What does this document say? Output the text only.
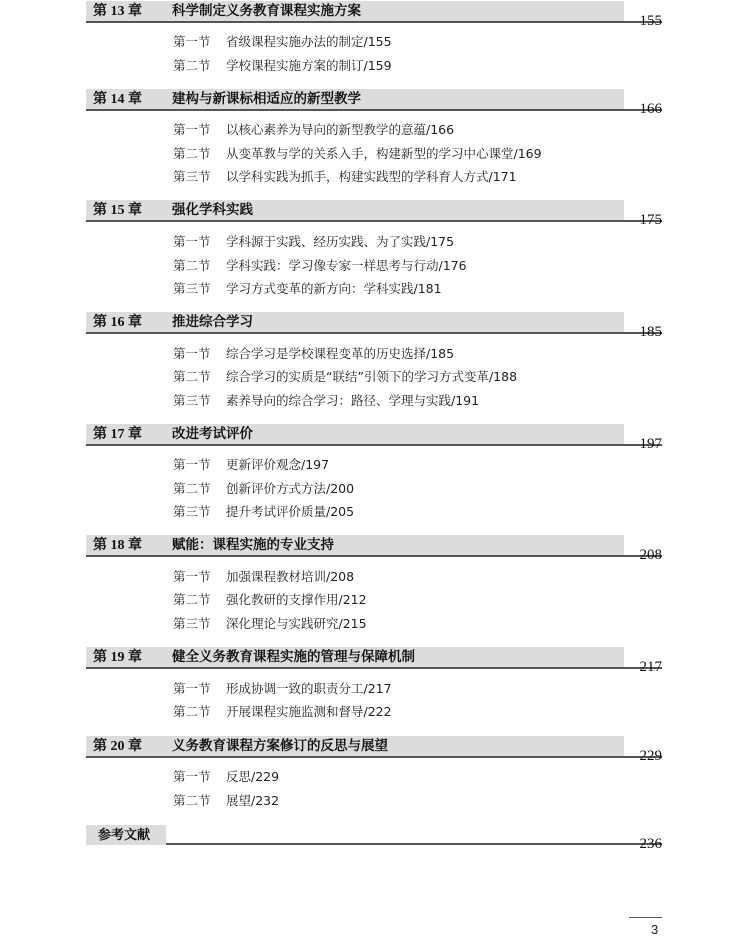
第 13 章 科学制定义务教育课程实施方案
155
第一节 省级课程实施办法的制定/155
第二节 学校课程实施方案的制订/159
第 14 章 建构与新课标相适应的新型教学
166
第一节 以核心素养为导向的新型教学的意蕴/166
第二节 从变革教与学的关系入手，构建新型的学习中心课堂/169
第三节 以学科实践为抓手，构建实践型的学科育人方式/171
第 15 章 强化学科实践
175
第一节 学科源于实践、经历实践、为了实践/175
第二节 学科实践：学习像专家一样思考与行动/176
第三节 学习方式变革的新方向：学科实践/181
第 16 章 推进综合学习
185
第一节 综合学习是学校课程变革的历史选择/185
第二节 综合学习的实质是“联结”引领下的学习方式变革/188
第三节 素养导向的综合学习：路径、学理与实践/191
第 17 章 改进考试评价
197
第一节 更新评价观念/197
第二节 创新评价方式方法/200
第三节 提升考试评价质量/205
第 18 章 赋能：课程实施的专业支持
208
第一节 加强课程教材培训/208
第二节 强化教研的支撑作用/212
第三节 深化理论与实践研究/215
第 19 章 健全义务教育课程实施的管理与保障机制
217
第一节 形成协调一致的职责分工/217
第二节 开展课程实施监测和督导/222
第 20 章 义务教育课程方案修订的反思与展望
229
第一节 反思/229
第二节 展望/232
参考文献
236
3
